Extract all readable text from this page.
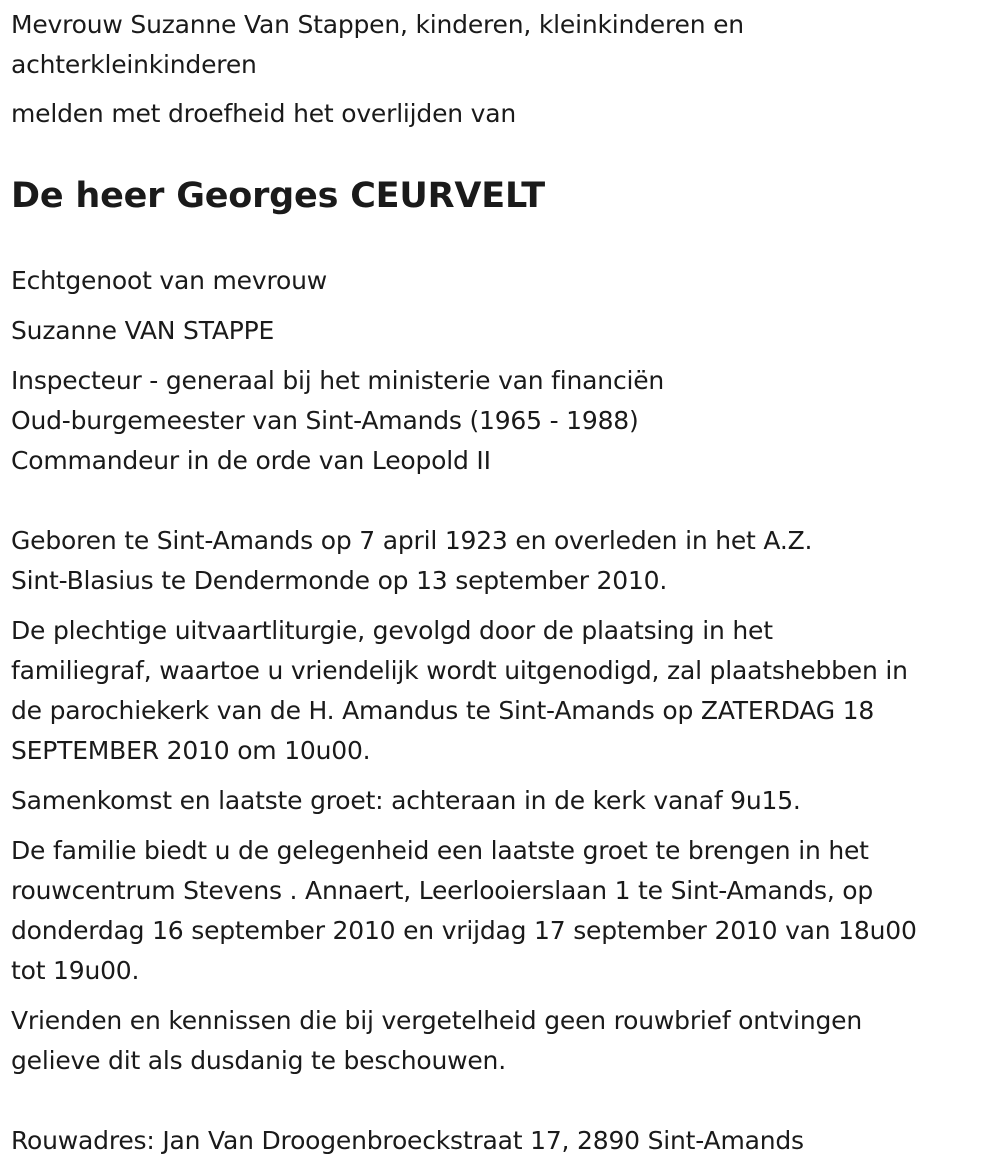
Mevrouw Suzanne Van Stappen, kinderen, kleinkinderen en
achterkleinkinderen
melden met droefheid het overlijden van
De heer Georges CEURVELT
Echtgenoot van mevrouw
Suzanne VAN STAPPE
Inspecteur - generaal bij het ministerie van financiën
Oud-burgemeester van Sint-Amands (1965 - 1988)
Commandeur in de orde van Leopold II
Geboren te Sint-Amands op 7 april 1923 en overleden in het A.Z.
Sint-Blasius te Dendermonde op 13 september 2010.
De plechtige uitvaartliturgie, gevolgd door de plaatsing in het
familiegraf, waartoe u vriendelijk wordt uitgenodigd, zal plaatshebben in
de parochiekerk van de H. Amandus te Sint-Amands op ZATERDAG 18
SEPTEMBER 2010 om 10u00.
Samenkomst en laatste groet: achteraan in de kerk vanaf 9u15.
De familie biedt u de gelegenheid een laatste groet te brengen in het
rouwcentrum Stevens . Annaert, Leerlooierslaan 1 te Sint-Amands, op
donderdag 16 september 2010 en vrijdag 17 september 2010 van 18u00
tot 19u00.
Vrienden en kennissen die bij vergetelheid geen rouwbrief ontvingen
gelieve dit als dusdanig te beschouwen.
Rouwadres: Jan Van Droogenbroeckstraat 17, 2890 Sint-Amands
